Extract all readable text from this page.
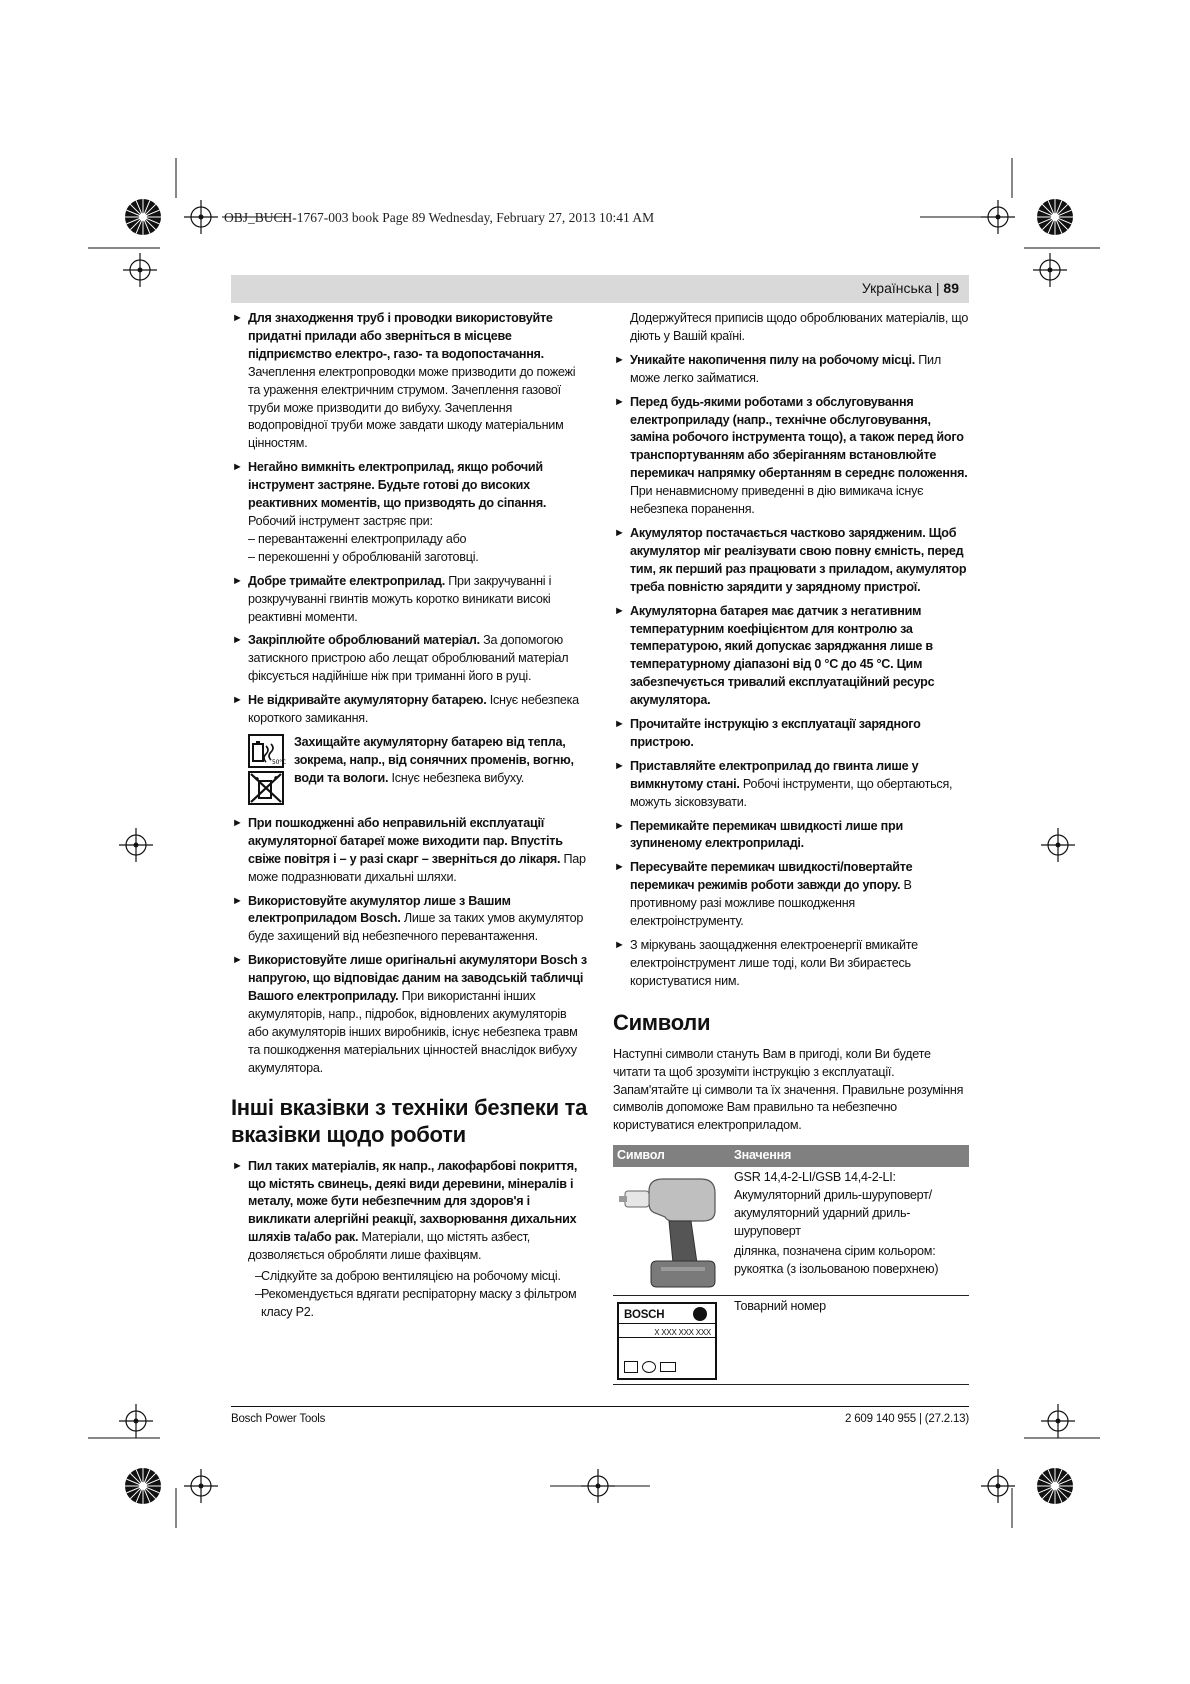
OBJ_BUCH-1767-003 book Page 89 Wednesday, February 27, 2013 10:41 AM
Українська | 89
► Для знаходження труб і проводки використовуйте придатні прилади або зверніться в місцеве підприємство електро-, газо- та водопостачання. Зачеплення електропроводки може призводити до пожежі та ураження електричним струмом. Зачеплення газової труби може призводити до вибуху. Зачеплення водопровідної труби може завдати шкоду матеріальним цінностям.
► Негайно вимкніть електроприлад, якщо робочий інструмент застряне. Будьте готові до високих реактивних моментів, що призводять до сіпання. Робочий інструмент застряє при:
– перевантаженні електроприладу або
– перекошенні у оброблюваній заготовці.
► Добре тримайте електроприлад. При закручуванні і розкручуванні гвинтів можуть коротко виникати високі реактивні моменти.
► Закріплюйте оброблюваний матеріал. За допомогою затискного пристрою або лещат оброблюваний матеріал фіксується надійніше ніж при триманні його в руці.
► Не відкривайте акумуляторну батарею. Існує небезпека короткого замикання.
50°C
Захищайте акумуляторну батарею від тепла, зокрема, напр., від сонячних променів, вогню, води та вологи. Існує небезпека вибуху.
► При пошкодженні або неправильній експлуатації акумуляторної батареї може виходити пар. Впустіть свіже повітря і – у разі скарг – зверніться до лікаря. Пар може подразнювати дихальні шляхи.
► Використовуйте акумулятор лише з Вашим електроприладом Bosch. Лише за таких умов акумулятор буде захищений від небезпечного перевантаження.
► Використовуйте лише оригінальні акумулятори Bosch з напругою, що відповідає даним на заводській табличці Вашого електроприладу. При використанні інших акумуляторів, напр., підробок, відновлених акумуляторів або акумуляторів інших виробників, існує небезпека травм та пошкодження матеріальних цінностей внаслідок вибуху акумулятора.
Інші вказівки з техніки безпеки та вказівки щодо роботи
► Пил таких матеріалів, як напр., лакофарбові покриття, що містять свинець, деякі види деревини, мінералів і металу, може бути небезпечним для здоров'я і викликати алергійні реакції, захворювання дихальних шляхів та/або рак. Матеріали, що містять азбест, дозволяється обробляти лише фахівцям.
– Слідкуйте за доброю вентиляцією на робочому місці.
– Рекомендується вдягати респіраторну маску з фільтром класу Р2.
Додержуйтеся приписів щодо оброблюваних матеріалів, що діють у Вашій країні.
► Уникайте накопичення пилу на робочому місці. Пил може легко займатися.
► Перед будь-якими роботами з обслуговування електроприладу (напр., технічне обслуговування, заміна робочого інструмента тощо), а також перед його транспортуванням або зберіганням встановлюйте перемикач напрямку обертанням в середнє положення. При ненавмисному приведенні в дію вимикача існує небезпека поранення.
► Акумулятор постачається частково зарядженим. Щоб акумулятор міг реалізувати свою повну ємність, перед тим, як перший раз працювати з приладом, акумулятор треба повністю зарядити у зарядному пристрої.
► Акумуляторна батарея має датчик з негативним температурним коефіцієнтом для контролю за температурою, який допускає заряджання лише в температурному діапазоні від 0 °C до 45 °C. Цим забезпечується тривалий експлуатаційний ресурс акумулятора.
► Прочитайте інструкцію з експлуатації зарядного пристрою.
► Приставляйте електроприлад до гвинта лише у вимкнутому стані. Робочі інструменти, що обертаються, можуть зісковзувати.
► Перемикайте перемикач швидкості лише при зупиненому електроприладі.
► Пересувайте перемикач швидкості/повертайте перемикач режимів роботи завжди до упору. В противному разі можливе пошкодження електроінструменту.
► З міркувань заощадження електроенергії вмикайте електроінструмент лише тоді, коли Ви збираєтесь користуватися ним.
Символи
Наступні символи стануть Вам в пригоді, коли Ви будете читати та щоб зрозуміти інструкцію з експлуатації. Запам'ятайте ці символи та їх значення. Правильне розуміння символів допоможе Вам правильно та небезпечно користуватися електроприладом.
Символ	Значення

GSR 14,4-2-LI/GSB 14,4-2-LI: Акумуляторний дриль-шуруповерт/ акумуляторний ударний дриль-шуруповерт
ділянка, позначена сірим кольором: рукоятка (з ізольованою поверхнею)

BOSCH
X XXX XXX XXX	Товарний номер
Bosch Power Tools	2 609 140 955 | (27.2.13)
